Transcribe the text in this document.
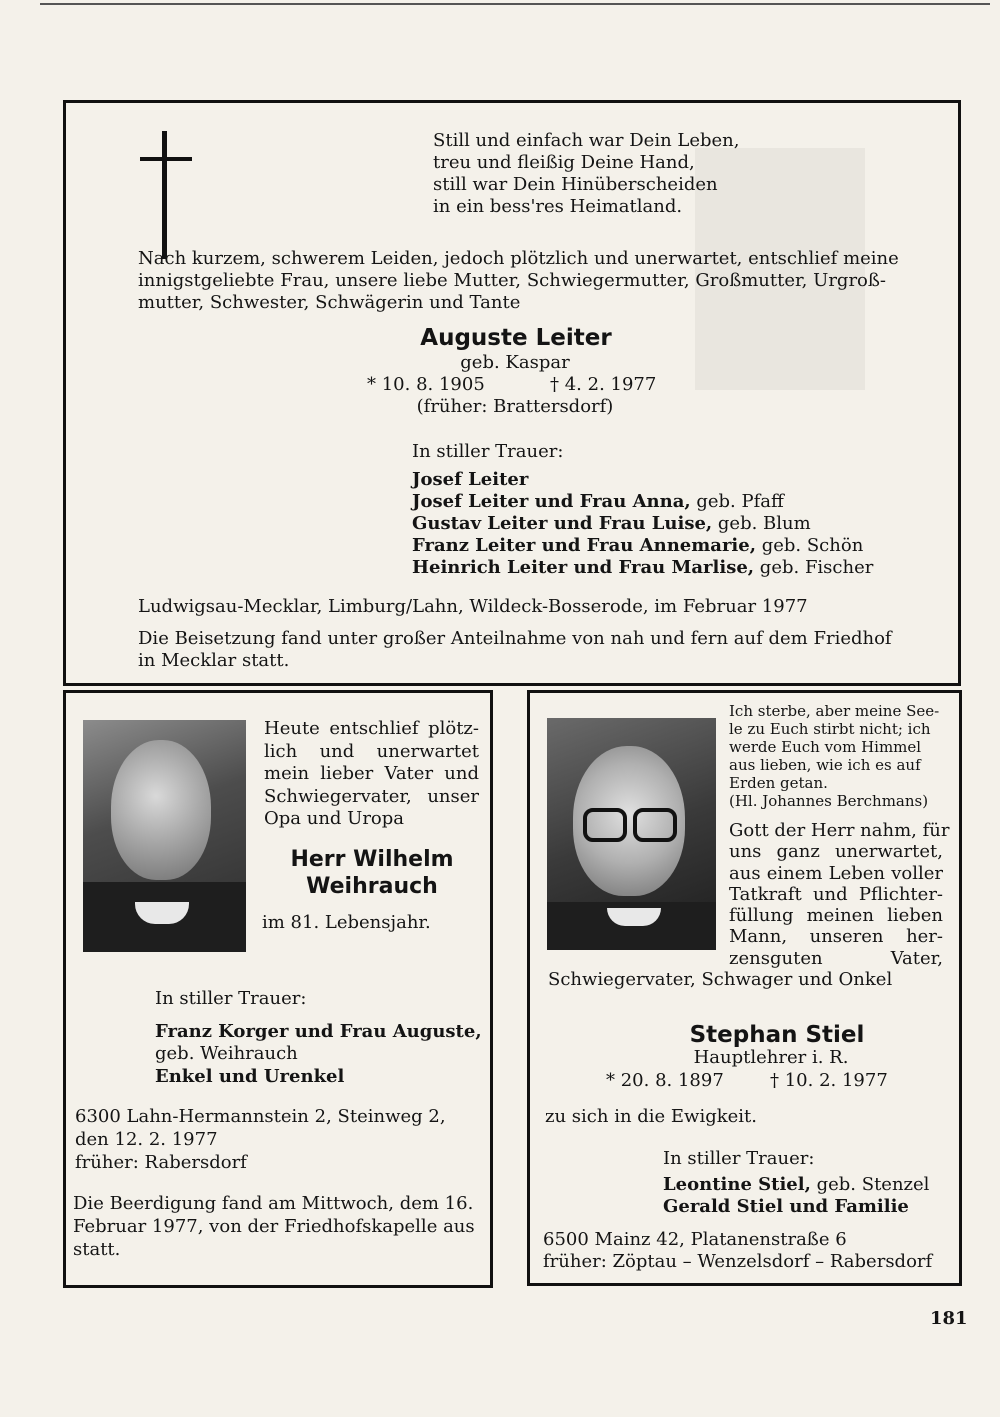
Still und einfach war Dein Leben,
treu und fleißig Deine Hand,
still war Dein Hinüberscheiden
in ein bess'res Heimatland.
Nach kurzem, schwerem Leiden, jedoch plötzlich und unerwartet, entschlief meine
innigstgeliebte Frau, unsere liebe Mutter, Schwiegermutter, Großmutter, Urgroß-
mutter, Schwester, Schwägerin und Tante
Auguste Leiter
geb. Kaspar
* 10. 8. 1905	† 4. 2. 1977
(früher: Brattersdorf)
In stiller Trauer:
Josef Leiter
Josef Leiter und Frau Anna, geb. Pfaff
Gustav Leiter und Frau Luise, geb. Blum
Franz Leiter und Frau Annemarie, geb. Schön
Heinrich Leiter und Frau Marlise, geb. Fischer
Ludwigsau-Mecklar, Limburg/Lahn, Wildeck-Bosserode, im Februar 1977
Die Beisetzung fand unter großer Anteilnahme von nah und fern auf dem Friedhof
in Mecklar statt.
Heute entschlief plötz-
lich und unerwartet
mein lieber Vater und
Schwiegervater, unser
Opa und Uropa
Herr Wilhelm
Weihrauch
im 81. Lebensjahr.
In stiller Trauer:
Franz Korger und Frau Auguste,
geb. Weihrauch
Enkel und Urenkel
6300 Lahn-Hermannstein 2, Steinweg 2,
den 12. 2. 1977
früher: Rabersdorf
Die Beerdigung fand am Mittwoch, dem 16.
Februar 1977, von der Friedhofskapelle aus
statt.
Ich sterbe, aber meine See-
le zu Euch stirbt nicht; ich
werde Euch vom Himmel
aus lieben, wie ich es auf
Erden getan.
(Hl. Johannes Berchmans)
Gott der Herr nahm, für
uns ganz unerwartet,
aus einem Leben voller
Tatkraft und Pflichter-
füllung meinen lieben
Mann, unseren her-
zensguten Vater,
Schwiegervater, Schwager und Onkel
Stephan Stiel
Hauptlehrer i. R.
* 20. 8. 1897	† 10. 2. 1977
zu sich in die Ewigkeit.
In stiller Trauer:
Leontine Stiel, geb. Stenzel
Gerald Stiel und Familie
6500 Mainz 42, Platanenstraße 6
früher: Zöptau – Wenzelsdorf – Rabersdorf
181
